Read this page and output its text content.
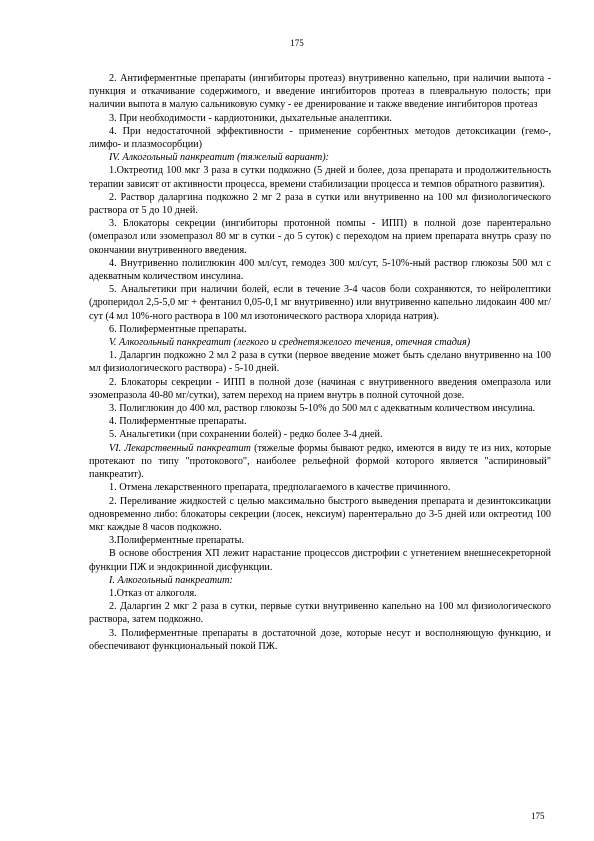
175

2. Антиферментные препараты (ингибиторы протеаз) внутривенно капельно, при наличии выпота - пункция и откачивание содержимого, и введение ингибиторов протеаз в плевральную полость; при наличии выпота в малую сальниковую сумку - ее дренирование и также введение ингибиторов протеаз

3. При необходимости - кардиотоники, дыхательные аналептики.

4. При недостаточной эффективности - применение сорбентных методов детоксикации (гемо-, лимфо- и плазмосорбции)

IV. Алкогольный панкреатит (тяжелый вариант):

1.Октреотид 100 мкг 3 раза в сутки подкожно (5 дней и более, доза препарата и продолжительность терапии зависят от активности процесса, времени стабилизации процесса и темпов обратного развития).

2. Раствор даларгина подкожно 2 мг 2 раза в сутки или внутривенно на 100 мл физиологического раствора от 5 до 10 дней.

3. Блокаторы секреции (ингибиторы протонной помпы - ИПП) в полной дозе парентерально (омепразол или эзомепразол 80 мг в сутки - до 5 суток) с переходом на прием препарата внутрь сразу по окончании внутривенного введения.

4. Внутривенно полиглюкин 400 мл/сут, гемодез 300 мл/сут, 5-10%-ный раствор глюкозы 500 мл с адекватным количеством инсулина.

5. Анальгетики при наличии болей, если в течение 3-4 часов боли сохраняются, то нейролептики (дроперидол 2,5-5,0 мг + фентанил 0,05-0,1 мг внутривенно) или внутривенно капельно лидокаин 400 мг/сут (4 мл 10%-ного раствора в 100 мл изотонического раствора хлорида натрия).

6. Полиферментные препараты.

V. Алкогольный панкреатит (легкого и среднетяжелого течения, отечная стадия)

1. Даларгин подкожно 2 мл 2 раза в сутки (первое введение может быть сделано внутривенно на 100 мл физиологического раствора) - 5-10 дней.

2. Блокаторы секреции - ИПП в полной дозе (начиная с внутривенного введения омепразола или эзомепразола 40-80 мг/сутки), затем переход на прием внутрь в полной суточной дозе.

3. Полиглюкин до 400 мл, раствор глюкозы 5-10% до 500 мл с адекватным количеством инсулина.

4. Полиферментные препараты.

5. Анальгетики (при сохранении болей) - редко более 3-4 дней.

VI. Лекарственный панкреатит (тяжелые формы бывают редко, имеются в виду те из них, которые протекают по типу "протокового", наиболее рельефной формой которого является "аспириновый" панкреатит).

1. Отмена лекарственного препарата, предполагаемого в качестве причинного.

2. Переливание жидкостей с целью максимально быстрого выведения препарата и дезинтоксикации одновременно либо: блокаторы секреции (лосек, нексиум) парентерально до 3-5 дней или октреотид 100 мкг каждые 8 часов подкожно.

3.Полиферментные препараты.

В основе обострения ХП лежит нарастание процессов дистрофии с угнетением внешнесекреторной функции ПЖ и эндокринной дисфункции.

I. Алкогольный панкреатит:

1.Отказ от алкоголя.

2. Даларгин 2 мкг 2 раза в сутки, первые сутки внутривенно капельно на 100 мл физиологического раствора, затем подкожно.

3. Полиферментные препараты в достаточной дозе, которые несут и восполняющую функцию, и обеспечивают функциональный покой ПЖ.

175
